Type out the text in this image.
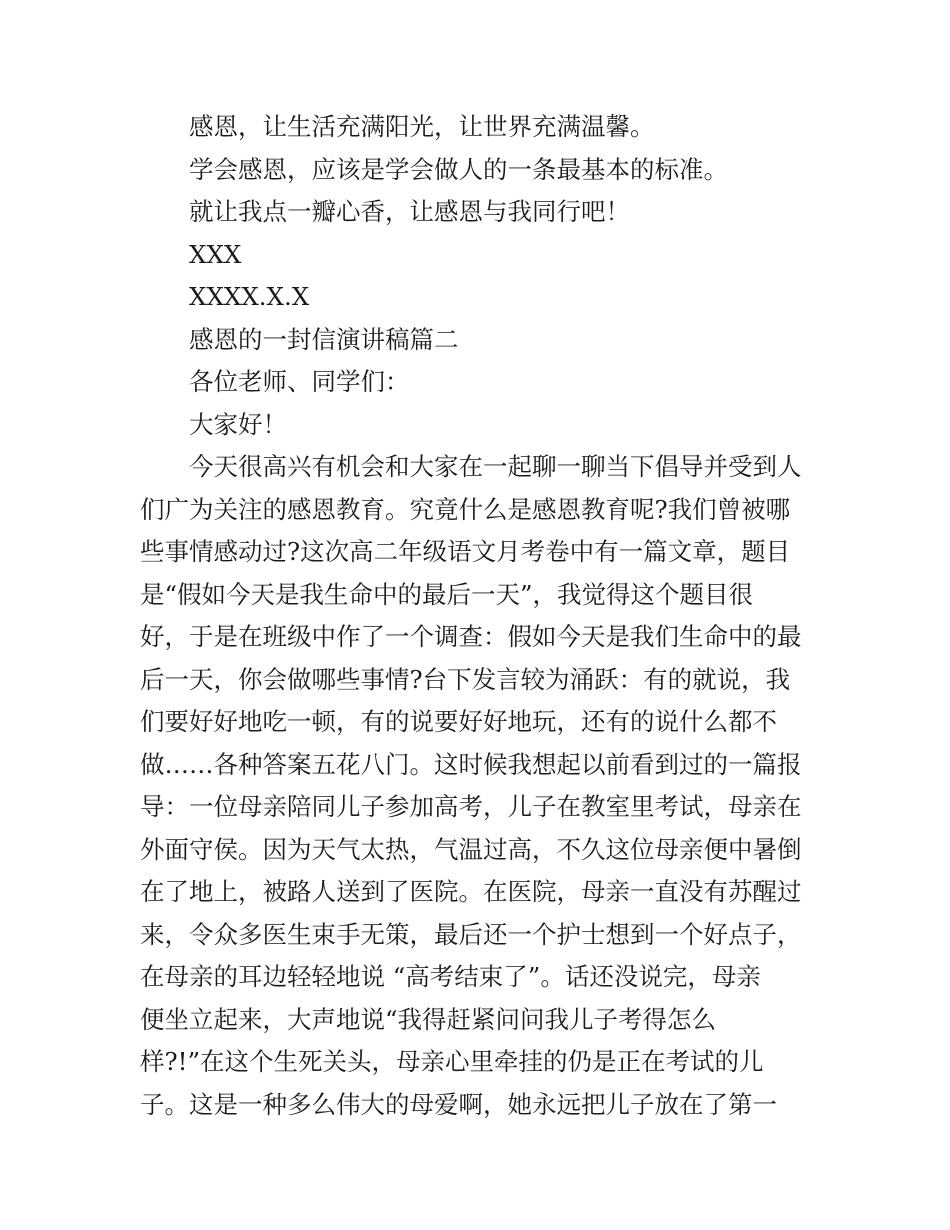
感恩，让生活充满阳光，让世界充满温馨。

学会感恩，应该是学会做人的一条最基本的标准。

就让我点一瓣心香，让感恩与我同行吧！

XXX

XXXX.X.X

感恩的一封信演讲稿篇二

各位老师、同学们：

大家好！

今天很高兴有机会和大家在一起聊一聊当下倡导并受到人
们广为关注的感恩教育。究竟什么是感恩教育呢?我们曾被哪
些事情感动过?这次高二年级语文月考卷中有一篇文章，题目
是“假如今天是我生命中的最后一天”，我觉得这个题目很
好，于是在班级中作了一个调查：假如今天是我们生命中的最
后一天，你会做哪些事情?台下发言较为涌跃：有的就说，我
们要好好地吃一顿，有的说要好好地玩，还有的说什么都不
做……各种答案五花八门。这时候我想起以前看到过的一篇报
导：一位母亲陪同儿子参加高考，儿子在教室里考试，母亲在
外面守侯。因为天气太热，气温过高，不久这位母亲便中暑倒
在了地上，被路人送到了医院。在医院，母亲一直没有苏醒过
来，令众多医生束手无策，最后还一个护士想到一个好点子，
在母亲的耳边轻轻地说 “高考结束了”。话还没说完，母亲
便坐立起来，大声地说“我得赶紧问问我儿子考得怎么
样?!”在这个生死关头，母亲心里牵挂的仍是正在考试的儿
子。这是一种多么伟大的母爱啊，她永远把儿子放在了第一
